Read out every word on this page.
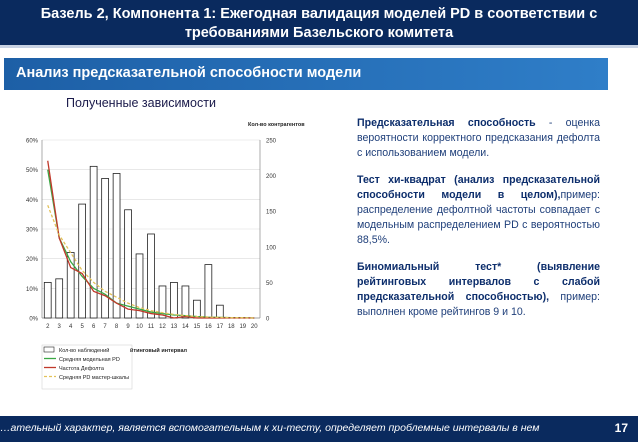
Базель 2, Компонента 1: Ежегодная валидация моделей PD в соответствии с требованиями Базельского комитета
Анализ предсказательной способности модели
Полученные зависимости
0%
10%
20%
30%
40%
50%
60%
0
50
100
150
200
250
Кол-во контрагентов
2 3 4 5 6 7 8 9 10 11 12 13 14 15 16 17 18 19 20
йтинговый интервал
Кол-во наблюдений
Средняя модельная PD
Частота Дефолта
Средняя PD мастер-шкалы

Предсказательная способность - оценка вероятности корректного предсказания дефолта с использованием модели.

Тест хи-квадрат (анализ предсказательной способности модели в целом),пример: распределение дефолтной частоты совпадает с модельным распределением PD с вероятностью 88,5%.

Биномиальный тест* (выявление рейтинговых интервалов с слабой предсказательной способностью), пример: выполнен кроме рейтингов 9 и 10.

…ательный характер, является вспомогательным к хи-тесту, определяет проблемные интервалы в нем	17
